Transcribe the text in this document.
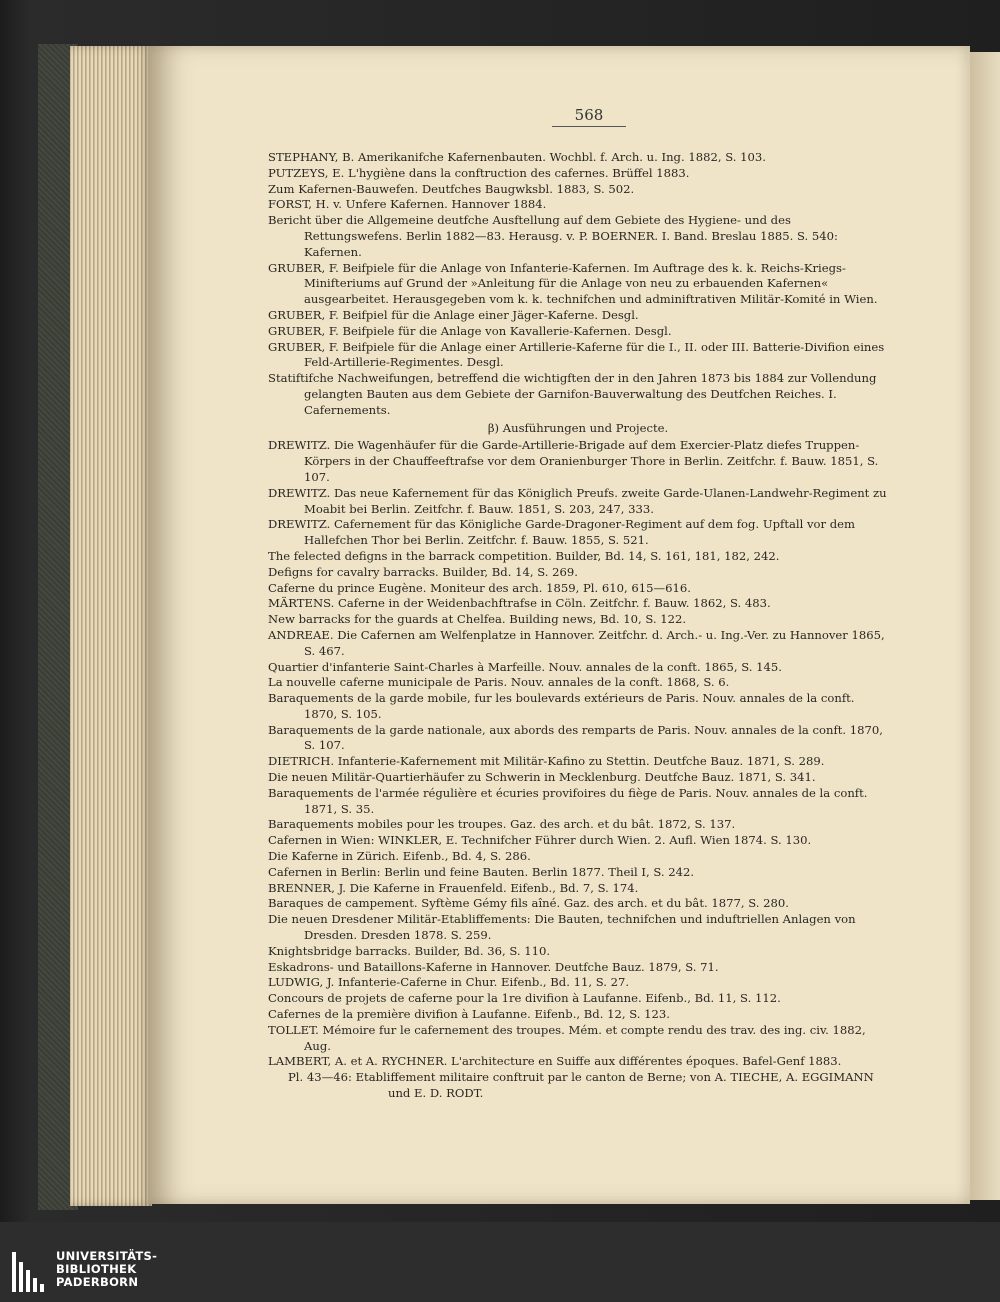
568

STEPHANY, B. Amerikanifche Kafernenbauten. Wochbl. f. Arch. u. Ing. 1882, S. 103.

PUTZEYS, E. L'hygiène dans la conftruction des cafernes. Brüffel 1883.

Zum Kafernen-Bauwefen. Deutfches Baugwksbl. 1883, S. 502.

FORST, H. v. Unfere Kafernen. Hannover 1884.

Bericht über die Allgemeine deutfche Ausftellung auf dem Gebiete des Hygiene- und des Rettungswefens. Berlin 1882—83. Herausg. v. P. BOERNER. I. Band. Breslau 1885. S. 540: Kafernen.

GRUBER, F. Beifpiele für die Anlage von Infanterie-Kafernen. Im Auftrage des k. k. Reichs-Kriegs-Minifteriums auf Grund der »Anleitung für die Anlage von neu zu erbauenden Kafernen« ausgearbeitet. Herausgegeben vom k. k. technifchen und adminiftrativen Militär-Komité in Wien.

GRUBER, F. Beifpiel für die Anlage einer Jäger-Kaferne. Desgl.

GRUBER, F. Beifpiele für die Anlage von Kavallerie-Kafernen. Desgl.

GRUBER, F. Beifpiele für die Anlage einer Artillerie-Kaferne für die I., II. oder III. Batterie-Divifion eines Feld-Artillerie-Regimentes. Desgl.

Statiftifche Nachweifungen, betreffend die wichtigften der in den Jahren 1873 bis 1884 zur Vollendung gelangten Bauten aus dem Gebiete der Garnifon-Bauverwaltung des Deutfchen Reiches. I. Cafernements.

β) Ausführungen und Projecte.

DREWITZ. Die Wagenhäufer für die Garde-Artillerie-Brigade auf dem Exercier-Platz diefes Truppen-Körpers in der Chauffeeftrafse vor dem Oranienburger Thore in Berlin. Zeitfchr. f. Bauw. 1851, S. 107.

DREWITZ. Das neue Kafernement für das Königlich Preufs. zweite Garde-Ulanen-Landwehr-Regiment zu Moabit bei Berlin. Zeitfchr. f. Bauw. 1851, S. 203, 247, 333.

DREWITZ. Cafernement für das Königliche Garde-Dragoner-Regiment auf dem fog. Upftall vor dem Hallefchen Thor bei Berlin. Zeitfchr. f. Bauw. 1855, S. 521.

The felected defigns in the barrack competition. Builder, Bd. 14, S. 161, 181, 182, 242.

Defigns for cavalry barracks. Builder, Bd. 14, S. 269.

Caferne du prince Eugène. Moniteur des arch. 1859, Pl. 610, 615—616.

MÄRTENS. Caferne in der Weidenbachftrafse in Cöln. Zeitfchr. f. Bauw. 1862, S. 483.

New barracks for the guards at Chelfea. Building news, Bd. 10, S. 122.

ANDREAE. Die Cafernen am Welfenplatze in Hannover. Zeitfchr. d. Arch.- u. Ing.-Ver. zu Hannover 1865, S. 467.

Quartier d'infanterie Saint-Charles à Marfeille. Nouv. annales de la conft. 1865, S. 145.

La nouvelle caferne municipale de Paris. Nouv. annales de la conft. 1868, S. 6.

Baraquements de la garde mobile, fur les boulevards extérieurs de Paris. Nouv. annales de la conft. 1870, S. 105.

Baraquements de la garde nationale, aux abords des remparts de Paris. Nouv. annales de la conft. 1870, S. 107.

DIETRICH. Infanterie-Kafernement mit Militär-Kafino zu Stettin. Deutfche Bauz. 1871, S. 289.

Die neuen Militär-Quartierhäufer zu Schwerin in Mecklenburg. Deutfche Bauz. 1871, S. 341.

Baraquements de l'armée régulière et écuries provifoires du fiège de Paris. Nouv. annales de la conft. 1871, S. 35.

Baraquements mobiles pour les troupes. Gaz. des arch. et du bât. 1872, S. 137.

Cafernen in Wien: WINKLER, E. Technifcher Führer durch Wien. 2. Aufl. Wien 1874. S. 130.

Die Kaferne in Zürich. Eifenb., Bd. 4, S. 286.

Cafernen in Berlin: Berlin und feine Bauten. Berlin 1877. Theil I, S. 242.

BRENNER, J. Die Kaferne in Frauenfeld. Eifenb., Bd. 7, S. 174.

Baraques de campement. Syftème Gémy fils aîné. Gaz. des arch. et du bât. 1877, S. 280.

Die neuen Dresdener Militär-Etabliffements: Die Bauten, technifchen und induftriellen Anlagen von Dresden. Dresden 1878. S. 259.

Knightsbridge barracks. Builder, Bd. 36, S. 110.

Eskadrons- und Bataillons-Kaferne in Hannover. Deutfche Bauz. 1879, S. 71.

LUDWIG, J. Infanterie-Caferne in Chur. Eifenb., Bd. 11, S. 27.

Concours de projets de caferne pour la 1re divifion à Laufanne. Eifenb., Bd. 11, S. 112.

Cafernes de la première divifion à Laufanne. Eifenb., Bd. 12, S. 123.

TOLLET. Mémoire fur le cafernement des troupes. Mém. et compte rendu des trav. des ing. civ. 1882, Aug.

LAMBERT, A. et A. RYCHNER. L'architecture en Suiffe aux différentes époques. Bafel-Genf 1883.

Pl. 43—46: Etabliffement militaire conftruit par le canton de Berne; von A. TIECHE, A. EGGIMANN und E. D. RODT.

UNIVERSITÄTS-
BIBLIOTHEK
PADERBORN
